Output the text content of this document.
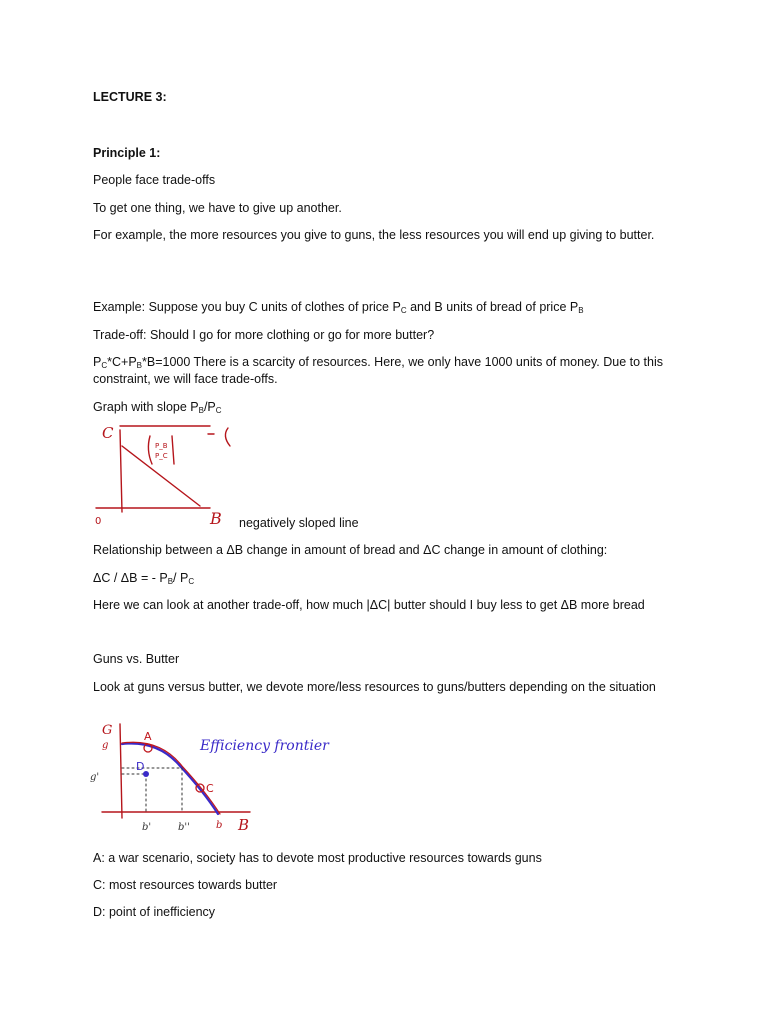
LECTURE 3:

Principle 1:

People face trade-offs

To get one thing, we have to give up another.

For example, the more resources you give to guns, the less resources you will end up giving to butter.

Example: Suppose you buy C units of clothes of price $P_C$ and B units of bread of price $P_B$

Trade-off: Should I go for more clothing or go for more butter?

$P_C*C+P_B*B=1000$ There is a scarcity of resources. Here, we only have 1000 units of money. Due to this constraint, we will face trade-offs.

Graph with slope $P_B/P_C$

C
P_B
P_C
0	B negatively sloped line

Relationship between a ΔB change in amount of bread and ΔC change in amount of clothing:

ΔC / ΔB = - $P_B/$ $P_C$

Here we can look at another trade-off, how much |ΔC| butter should I buy less to get ΔB more bread

Guns vs. Butter

Look at guns versus butter, we devote more/less resources to guns/butters depending on the situation

G
g
g'
A
D
C
Efficiency frontier
b'	b''	b B

A: a war scenario, society has to devote most productive resources towards guns

C: most resources towards butter

D: point of inefficiency
